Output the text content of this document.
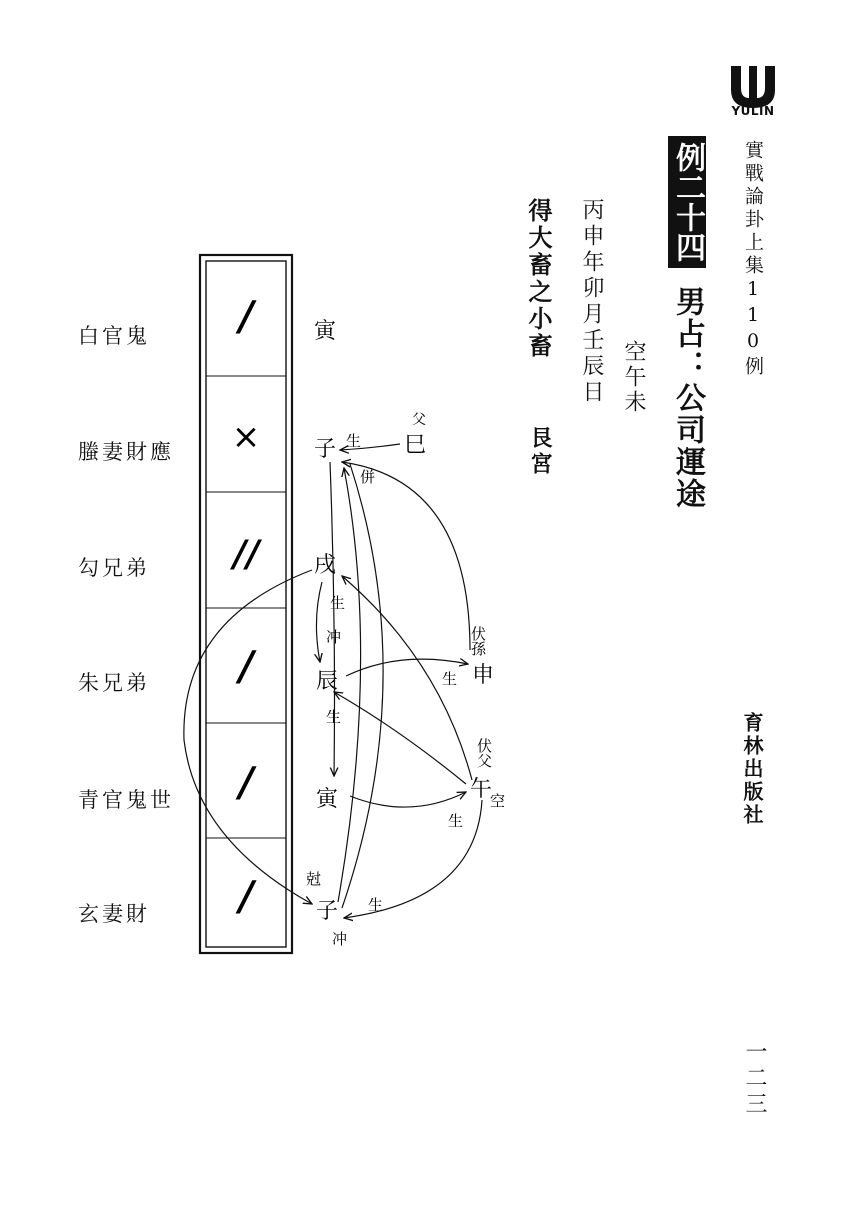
YULIN
實戰論卦上集110例
例二十四
男占：公司運途
空午未
丙申年卯月壬辰日
得大畜之小畜
艮宮
育林出版社
一二三
白官鬼
螣妻財應
勾兄弟
朱兄弟
青官鬼世
玄妻財
/
×
//
/
/
/
寅
子
戌
辰
寅
子
巳
父
伏孫
申
伏父
午
空
生
併
生
冲
生
生
生
尅
生
冲
